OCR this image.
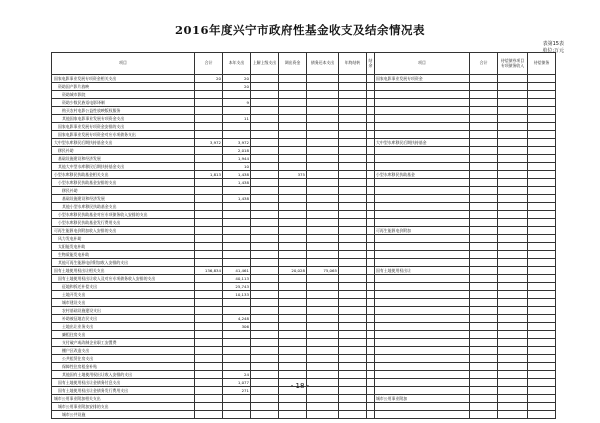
2016年度兴宁市政府性基金收支及结余情况表
表第15表
单位:万元
项目	合计	本年支出	上解上级支出	调出资金	债务还本支出	年终结转	结余	项目	合计	待偿债券项目专项债务收入	待偿债务
国家电影事业发展专项资金相关支出	20	20						国家电影事业发展专项资金			
资助国产影片放映		20									
资助城市影院											
资助少数民族语电影译制		9									
购买农村电影公益性放映版权服务											
其他国家电影事业发展专项资金支出		11									
国家电影事业发展专项资金安排的支出											
国家电影事业发展专项资金对应专项债务支出											
大中型水库移民后期扶持基金支出	3,972	3,972						大中型水库移民后期扶持基金			
移民补助		2,018									
基础设施建设和经济发展		1,944									
其他大中型水库移民后期扶持基金支出		10									
小型水库移民扶助基金相关支出	1,813	1,438		375				小型水库移民扶助基金			
小型水库移民扶助基金安排的支出		1,438									
移民补助											
基础设施建设和经济发展		1,438									
其他小型水库移民扶助基金支出											
小型水库移民扶助基金对应专项债务收入安排的支出											
小型水库移民扶助基金发行费用支出											
可再生能源电价附加收入安排的支出								可再生能源电价附加			
风力发电补助											
太阳能发电补助											
生物质能发电补助											
其他可再生能源电价附加收入安排的支出											
国有土地使用权出让相关支出	136,834	41,461		20,028	75,065			国有土地使用权出让			
国有土地使用权出让收入及对应专项债务收入安排的支出		40,113									
征地和拆迁补偿支出		25,743									
土地开发支出		10,133									
城市建设支出											
农村基础设施建设支出											
补助被征地农民支出		4,248									
土地出让业务支出		306									
廉租住房支出											
支付破产或改制企业职工安置费											
棚户区改造支出											
公共租赁住房支出											
保障性住房租金补贴											
其他国有土地使用权出让收入安排的支出		24									
国有土地使用权出让金债务付息支出		1,077									
国有土地使用权出让金债务发行费用支出		271									
城市公用事业附加相关支出								城市公用事业附加			
城市公用事业附加安排的支出											
城市公共设施											
- 18 -
